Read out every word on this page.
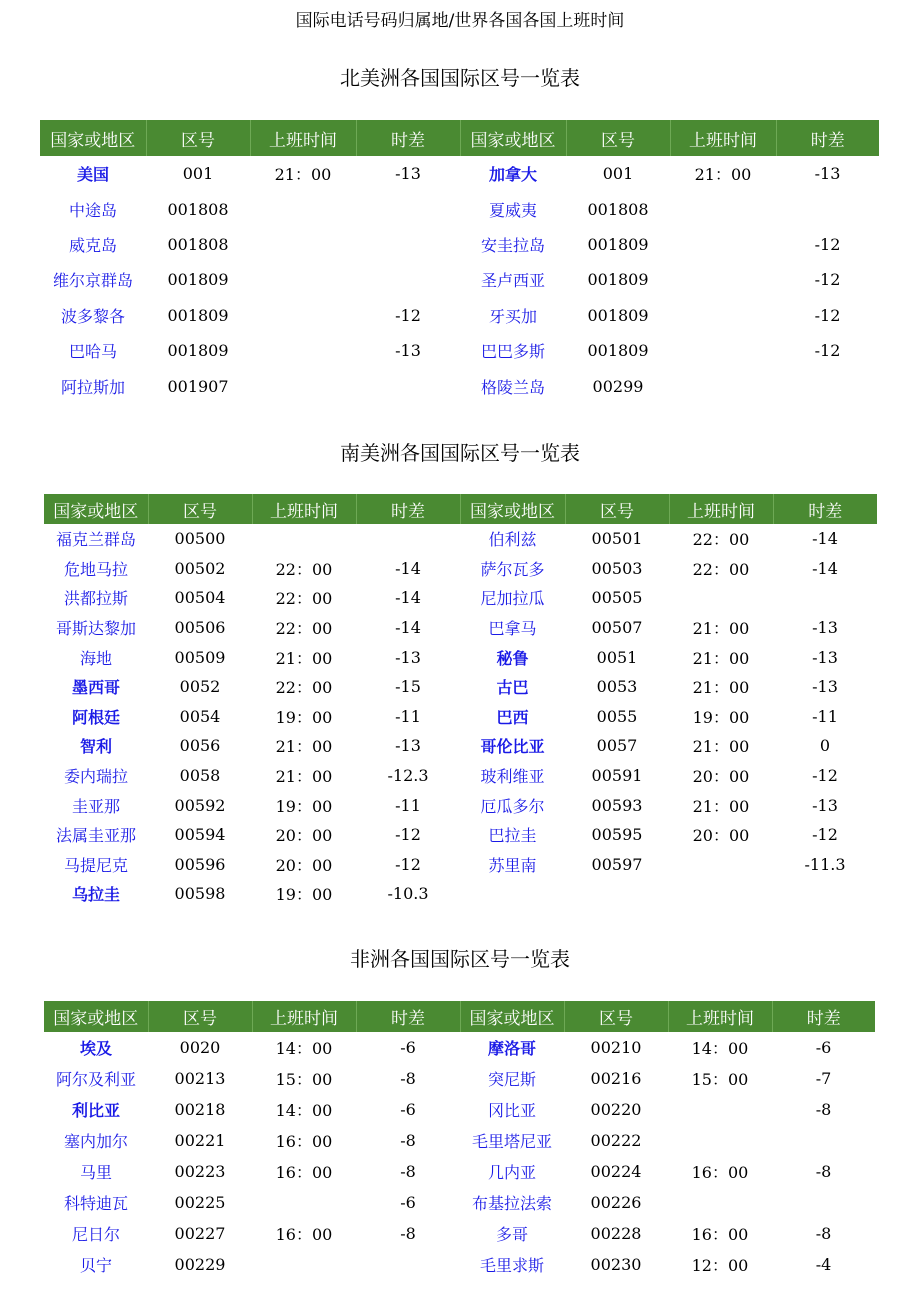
国际电话号码归属地/世界各国各国上班时间
北美洲各国国际区号一览表
国家或地区	区号	上班时间	时差	国家或地区	区号	上班时间	时差
美国	001	21：00	-13	加拿大	001	21：00	-13
中途岛	001808			夏威夷	001808		
威克岛	001808			安圭拉岛	001809		-12
维尔京群岛	001809			圣卢西亚	001809		-12
波多黎各	001809		-12	牙买加	001809		-12
巴哈马	001809		-13	巴巴多斯	001809		-12
阿拉斯加	001907			格陵兰岛	00299		
南美洲各国国际区号一览表
国家或地区	区号	上班时间	时差	国家或地区	区号	上班时间	时差
福克兰群岛	00500			伯利兹	00501	22：00	-14
危地马拉	00502	22：00	-14	萨尔瓦多	00503	22：00	-14
洪都拉斯	00504	22：00	-14	尼加拉瓜	00505		
哥斯达黎加	00506	22：00	-14	巴拿马	00507	21：00	-13
海地	00509	21：00	-13	秘鲁	0051	21：00	-13
墨西哥	0052	22：00	-15	古巴	0053	21：00	-13
阿根廷	0054	19：00	-11	巴西	0055	19：00	-11
智利	0056	21：00	-13	哥伦比亚	0057	21：00	0
委内瑞拉	0058	21：00	-12.3	玻利维亚	00591	20：00	-12
圭亚那	00592	19：00	-11	厄瓜多尔	00593	21：00	-13
法属圭亚那	00594	20：00	-12	巴拉圭	00595	20：00	-12
马提尼克	00596	20：00	-12	苏里南	00597		-11.3
乌拉圭	00598	19：00	-10.3				
非洲各国国际区号一览表
国家或地区	区号	上班时间	时差	国家或地区	区号	上班时间	时差
埃及	0020	14：00	-6	摩洛哥	00210	14：00	-6
阿尔及利亚	00213	15：00	-8	突尼斯	00216	15：00	-7
利比亚	00218	14：00	-6	冈比亚	00220		-8
塞内加尔	00221	16：00	-8	毛里塔尼亚	00222		
马里	00223	16：00	-8	几内亚	00224	16：00	-8
科特迪瓦	00225		-6	布基拉法索	00226		
尼日尔	00227	16：00	-8	多哥	00228	16：00	-8
贝宁	00229			毛里求斯	00230	12：00	-4
